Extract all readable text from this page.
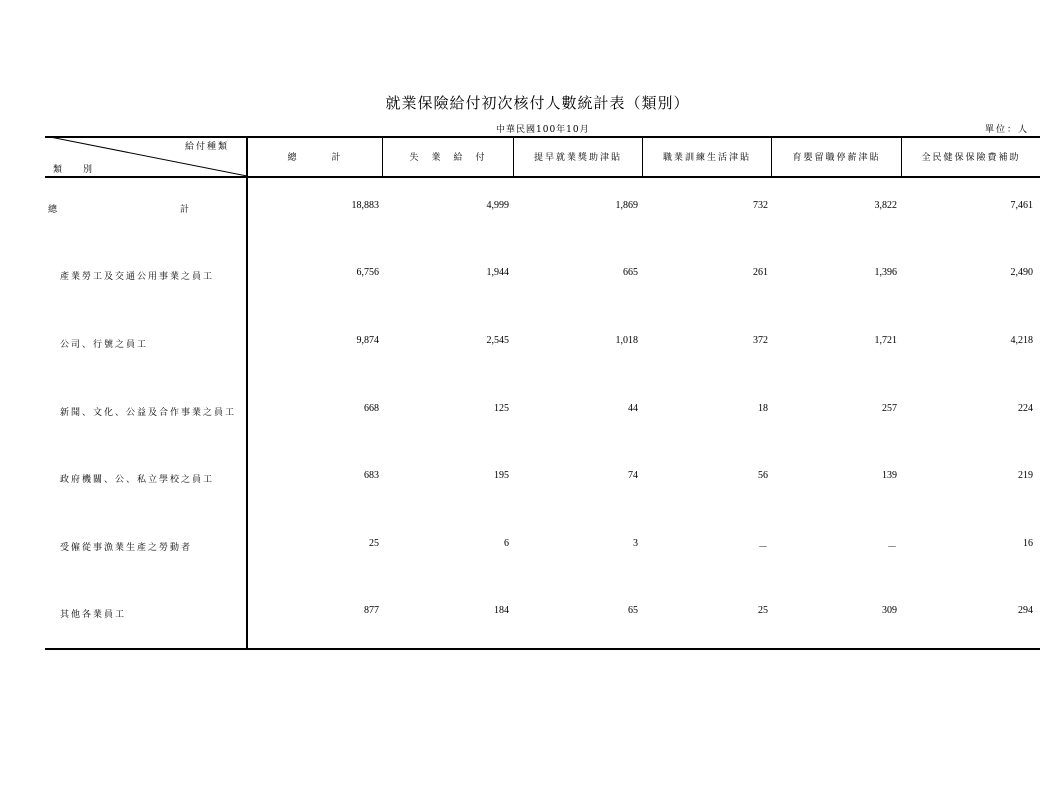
就業保險給付初次核付人數統計表（類別）
中華民國100年10月	單位：人
給付種類
類　別
總　　　計	失　業　給　付	提早就業獎助津貼	職業訓練生活津貼	育嬰留職停薪津貼	全民健保保險費補助
總　　　　　　　　　　　計	18,883	4,999	1,869	732	3,822	7,461
產業勞工及交通公用事業之員工	6,756	1,944	665	261	1,396	2,490
公司、行號之員工	9,874	2,545	1,018	372	1,721	4,218
新聞、文化、公益及合作事業之員工	668	125	44	18	257	224
政府機關、公、私立學校之員工	683	195	74	56	139	219
受僱從事漁業生產之勞動者	25	6	3	－	－	16
其他各業員工	877	184	65	25	309	294
